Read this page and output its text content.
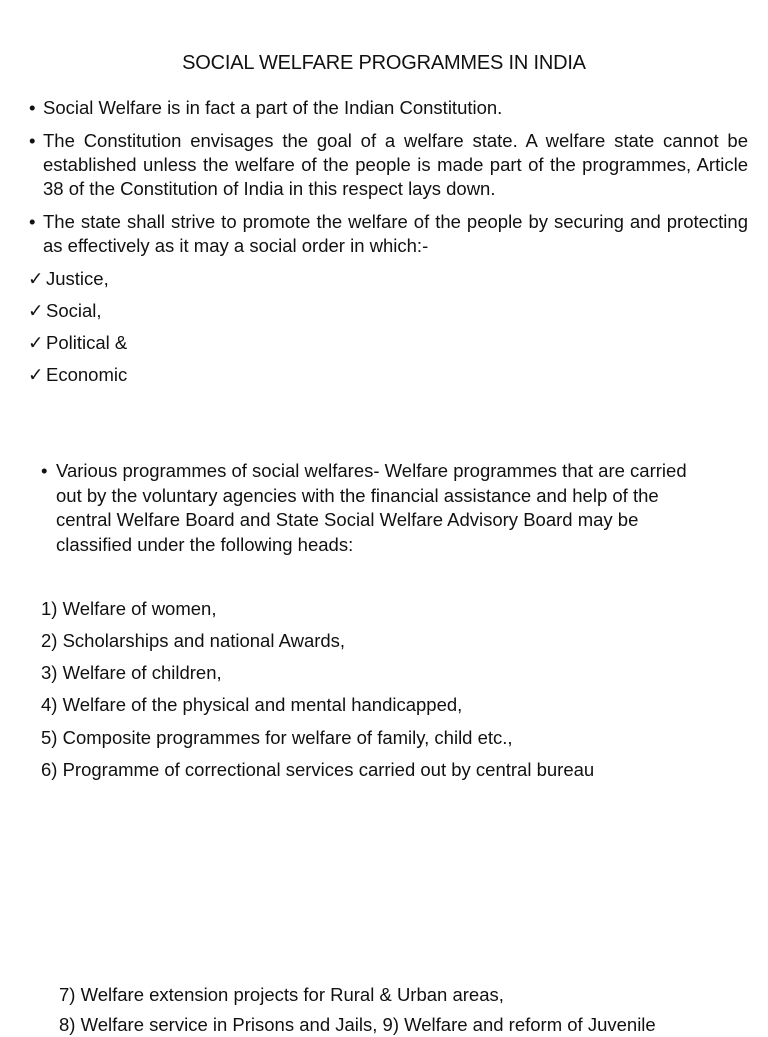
SOCIAL WELFARE PROGRAMMES IN INDIA
• Social Welfare is in fact a part of the Indian Constitution.
• The Constitution envisages the goal of a welfare state. A welfare state cannot be established unless the welfare of the people is made part of the programmes, Article 38 of the Constitution of India in this respect lays down.
• The state shall strive to promote the welfare of the people by securing and protecting as effectively as it may a social order in which:-
✓ Justice,
✓ Social,
✓ Political &
✓ Economic
• Various programmes of social welfares- Welfare programmes that are carried out by the voluntary agencies with the financial assistance and help of the central Welfare Board and State Social Welfare Advisory Board may be classified under the following heads:
1) Welfare of women,
2) Scholarships and national Awards,
3) Welfare of children,
4) Welfare of the physical and mental handicapped,
5) Composite programmes for welfare of family, child etc.,
6) Programme of correctional services carried out by central bureau
7) Welfare extension projects for Rural & Urban areas,
8) Welfare service in Prisons and Jails, 9) Welfare and reform of Juvenile
